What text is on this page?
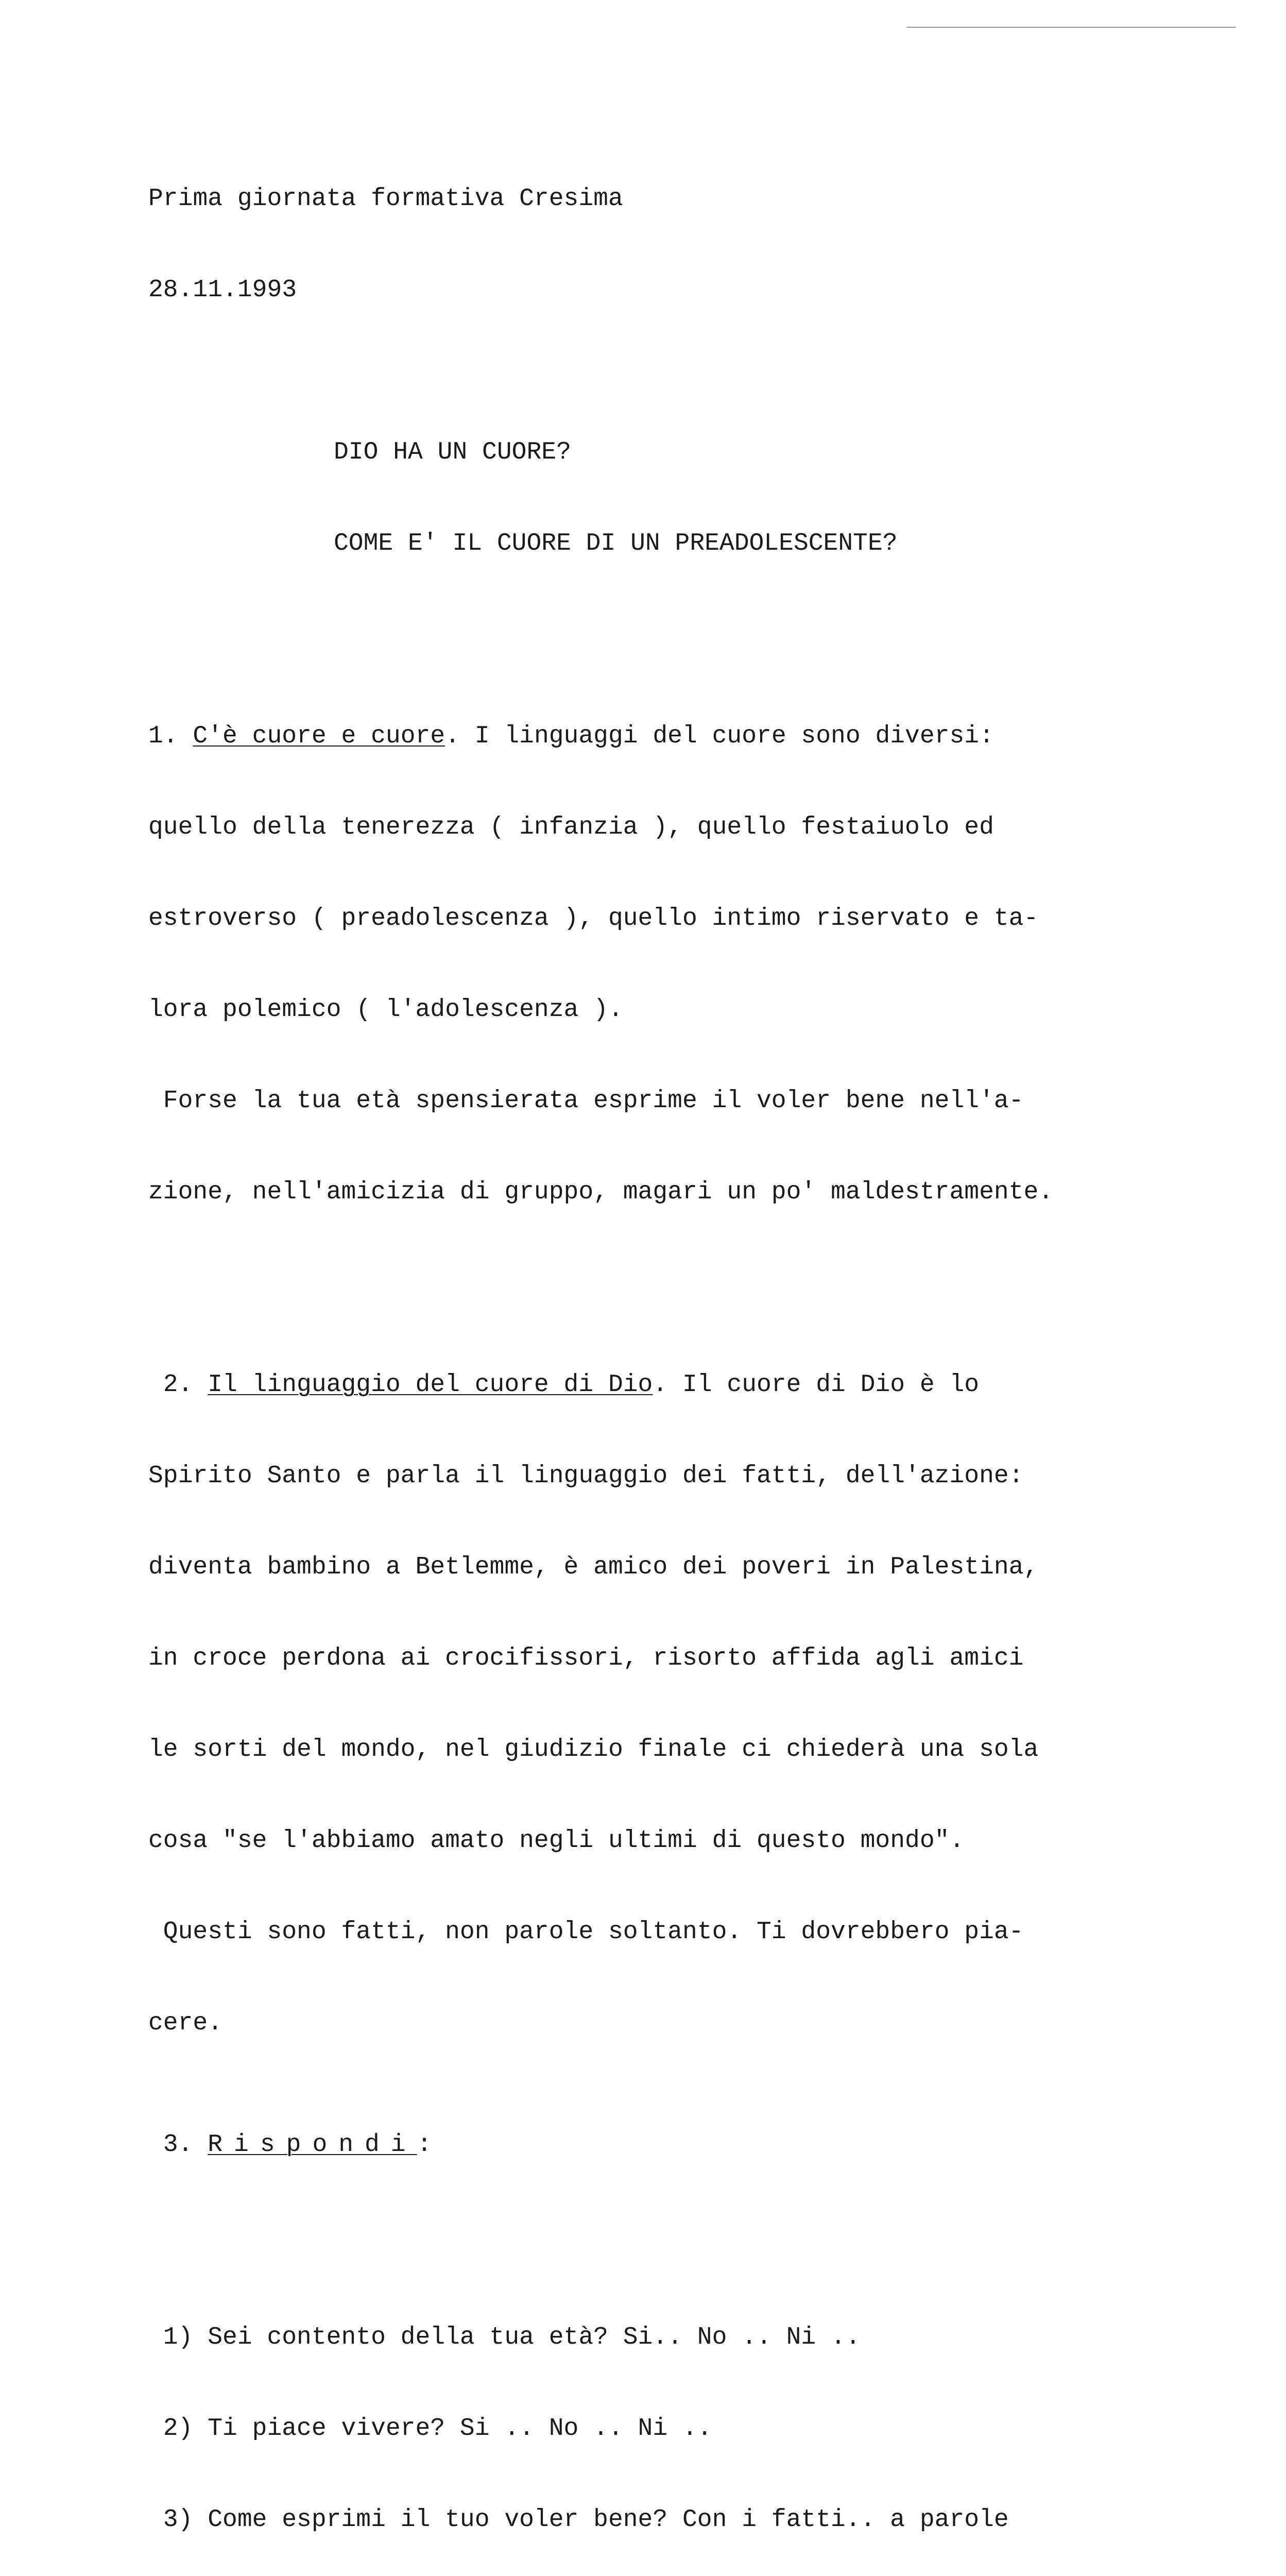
Prima giornata formativa Cresima

28.11.1993

DIO HA UN CUORE?

COME E' IL CUORE DI UN PREADOLESCENTE?

1. C'è cuore e cuore. I linguaggi del cuore sono diversi:

quello della tenerezza ( infanzia ), quello festaiuolo ed

estroverso ( preadolescenza ), quello intimo riservato e ta-

lora polemico ( l'adolescenza ).

Forse la tua età spensierata esprime il voler bene nell'a-

zione, nell'amicizia di gruppo, magari un po' maldestramente.

2. Il linguaggio del cuore di Dio. Il cuore di Dio è lo

Spirito Santo e parla il linguaggio dei fatti, dell'azione:

diventa bambino a Betlemme, è amico dei poveri in Palestina,

in croce perdona ai crocifissori, risorto affida agli amici

le sorti del mondo, nel giudizio finale ci chiederà una sola

cosa "se l'abbiamo amato negli ultimi di questo mondo".

Questi sono fatti, non parole soltanto. Ti dovrebbero pia-

cere.

3. Rispondi:

1) Sei contento della tua età? Si.. No .. Ni ..

2) Ti piace vivere? Si .. No .. Ni ..

3) Come esprimi il tuo voler bene? Con i fatti.. a parole
